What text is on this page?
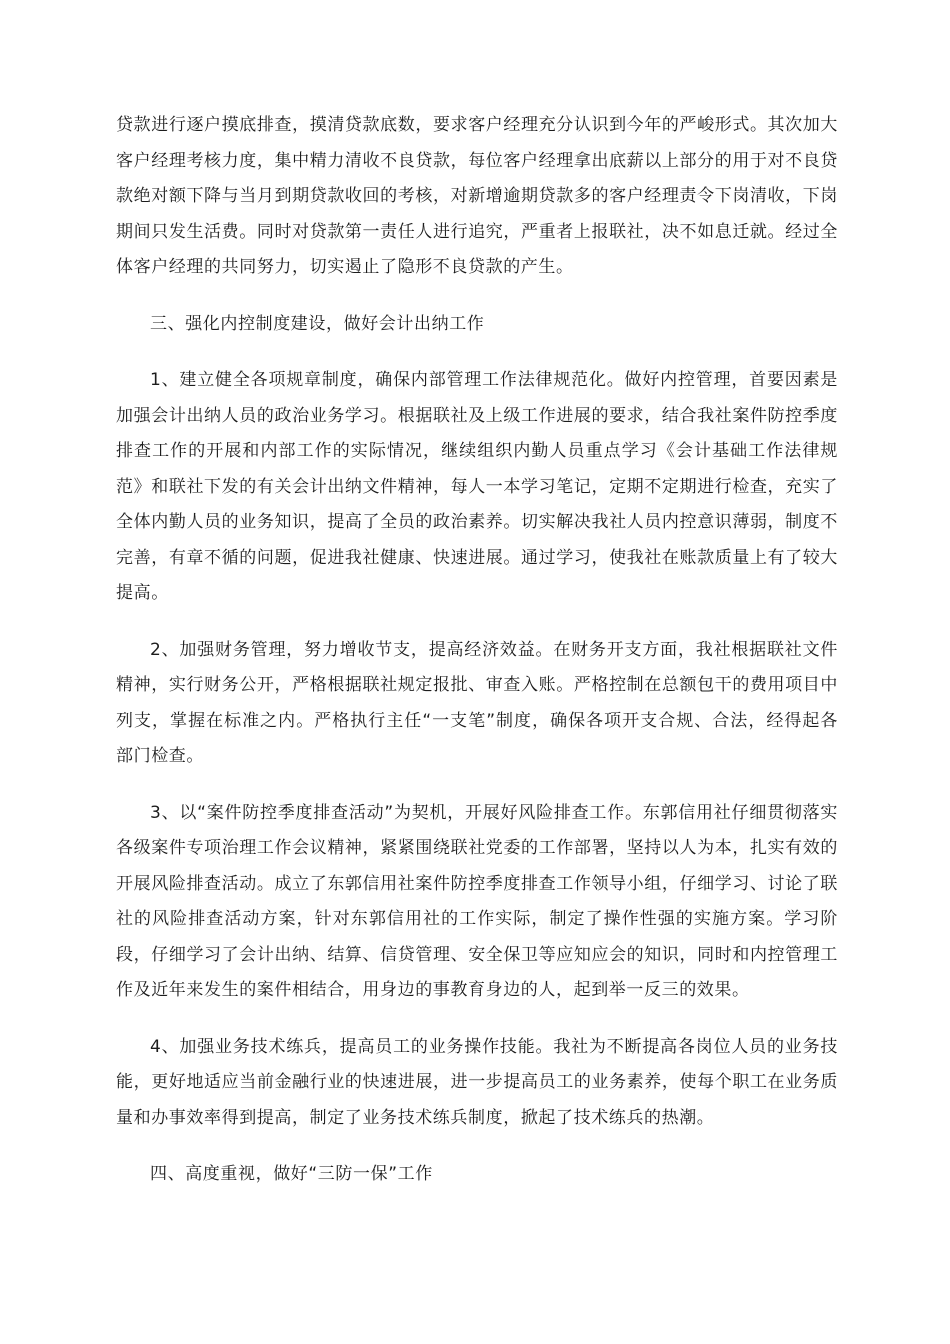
贷款进行逐户摸底排查，摸清贷款底数，要求客户经理充分认识到今年的严峻形式。其次加大客户经理考核力度，集中精力清收不良贷款，每位客户经理拿出底薪以上部分的用于对不良贷款绝对额下降与当月到期贷款收回的考核，对新增逾期贷款多的客户经理责令下岗清收，下岗期间只发生活费。同时对贷款第一责任人进行追究，严重者上报联社，决不如息迁就。经过全体客户经理的共同努力，切实遏止了隐形不良贷款的产生。

三、强化内控制度建设，做好会计出纳工作

1、建立健全各项规章制度，确保内部管理工作法律规范化。做好内控管理，首要因素是加强会计出纳人员的政治业务学习。根据联社及上级工作进展的要求，结合我社案件防控季度排查工作的开展和内部工作的实际情况，继续组织内勤人员重点学习《会计基础工作法律规范》和联社下发的有关会计出纳文件精神，每人一本学习笔记，定期不定期进行检查，充实了全体内勤人员的业务知识，提高了全员的政治素养。切实解决我社人员内控意识薄弱，制度不完善，有章不循的问题，促进我社健康、快速进展。通过学习，使我社在账款质量上有了较大提高。

2、加强财务管理，努力增收节支，提高经济效益。在财务开支方面，我社根据联社文件精神，实行财务公开，严格根据联社规定报批、审查入账。严格控制在总额包干的费用项目中列支，掌握在标准之内。严格执行主任“一支笔”制度，确保各项开支合规、合法，经得起各部门检查。

3、以“案件防控季度排查活动”为契机，开展好风险排查工作。东郭信用社仔细贯彻落实各级案件专项治理工作会议精神，紧紧围绕联社党委的工作部署，坚持以人为本，扎实有效的开展风险排查活动。成立了东郭信用社案件防控季度排查工作领导小组，仔细学习、讨论了联社的风险排查活动方案，针对东郭信用社的工作实际，制定了操作性强的实施方案。学习阶段，仔细学习了会计出纳、结算、信贷管理、安全保卫等应知应会的知识，同时和内控管理工作及近年来发生的案件相结合，用身边的事教育身边的人，起到举一反三的效果。

4、加强业务技术练兵，提高员工的业务操作技能。我社为不断提高各岗位人员的业务技能，更好地适应当前金融行业的快速进展，进一步提高员工的业务素养，使每个职工在业务质量和办事效率得到提高，制定了业务技术练兵制度，掀起了技术练兵的热潮。

四、高度重视，做好“三防一保”工作
